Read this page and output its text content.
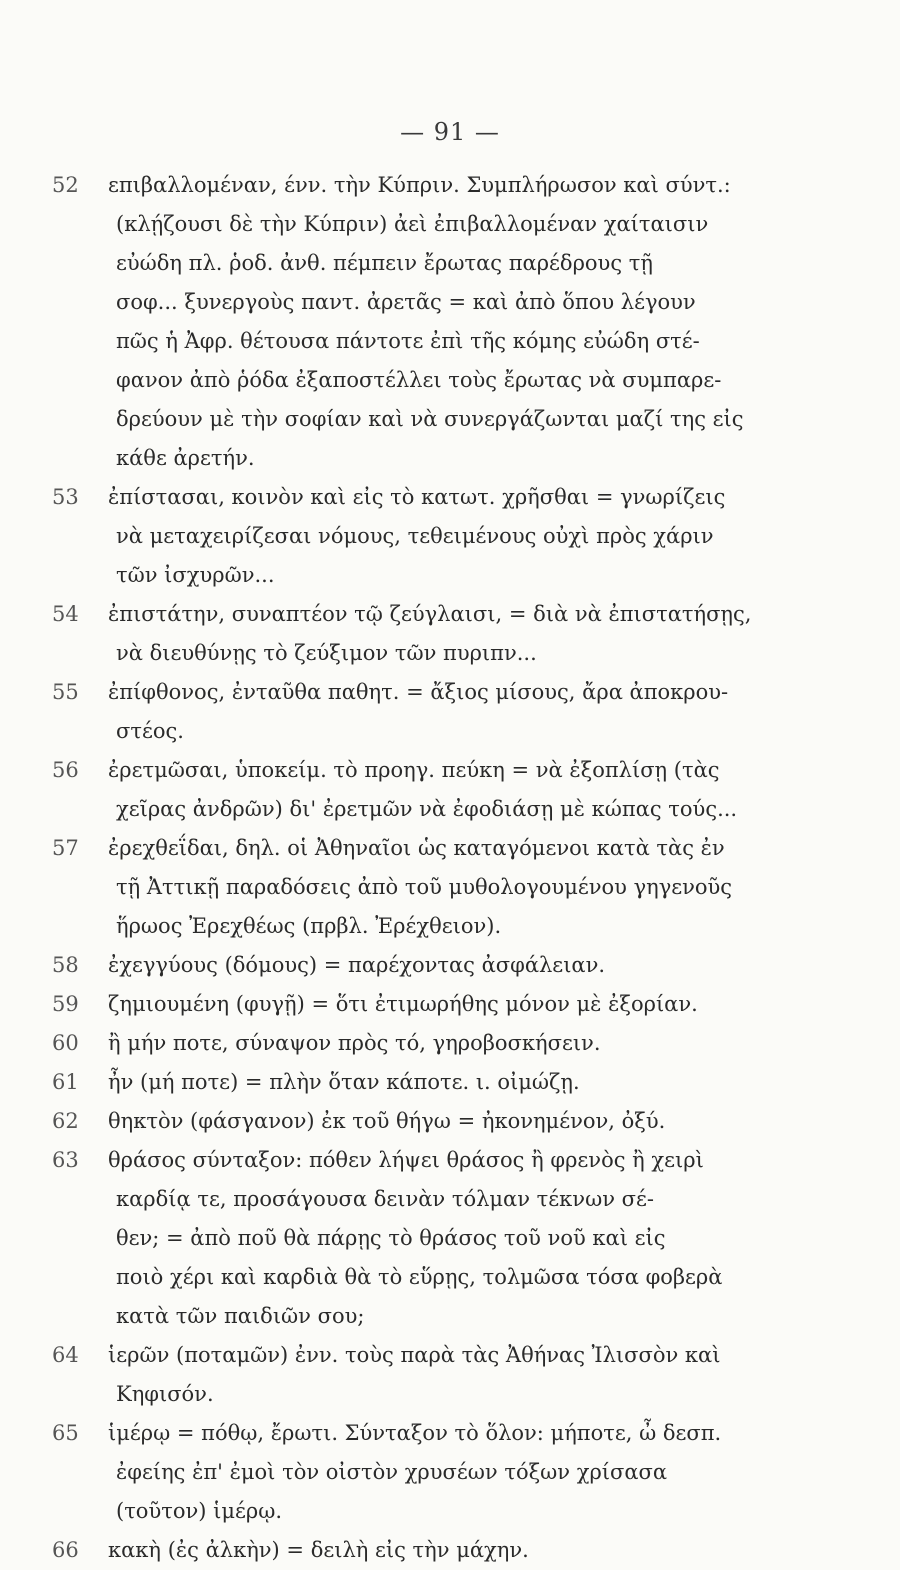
— 91 —
52	επιβαλλομέναν, ένν. τὴν Κύπριν. Συμπλήρωσον καὶ σύντ.:
(κλῄζουσι δὲ τὴν Κύπριν) ἀεὶ ἐπιβαλλομέναν χαίταισιν
εὐώδη πλ. ῥοδ. ἀνθ. πέμπειν ἔρωτας παρέδρους τῇ
σοφ... ξυνεργοὺς παντ. ἀρετᾶς = καὶ ἀπὸ ὅπου λέγουν
πῶς ἡ Ἀφρ. θέτουσα πάντοτε ἐπὶ τῆς κόμης εὐώδη στέ-
φανον ἀπὸ ῥόδα ἐξαποστέλλει τοὺς ἔρωτας νὰ συμπαρε-
δρεύουν μὲ τὴν σοφίαν καὶ νὰ συνεργάζωνται μαζί της εἰς
κάθε ἀρετήν.
53	ἐπίστασαι, κοινὸν καὶ εἰς τὸ κατωτ. χρῆσθαι = γνωρίζεις
νὰ μεταχειρίζεσαι νόμους, τεθειμένους οὐχὶ πρὸς χάριν
τῶν ἰσχυρῶν...
54	ἐπιστάτην, συναπτέον τῷ ζεύγλαισι, = διὰ νὰ ἐπιστατήσῃς,
νὰ διευθύνῃς τὸ ζεύξιμον τῶν πυριπν...
55	ἐπίφθονος, ἐνταῦθα παθητ. = ἄξιος μίσους, ἄρα ἀποκρου-
στέος.
56	ἐρετμῶσαι, ὑποκείμ. τὸ προηγ. πεύκη = νὰ ἐξοπλίσῃ (τὰς
χεῖρας ἀνδρῶν) δι' ἐρετμῶν νὰ ἐφοδιάσῃ μὲ κώπας τούς...
57	ἐρεχθεΐδαι, δηλ. οἱ Ἀθηναῖοι ὡς καταγόμενοι κατὰ τὰς ἐν
τῇ Ἀττικῇ παραδόσεις ἀπὸ τοῦ μυθολογουμένου γηγενοῦς
ἥρωος Ἐρεχθέως (πρβλ. Ἐρέχθειον).
58	ἐχεγγύους (δόμους) = παρέχοντας ἀσφάλειαν.
59	ζημιουμένη (φυγῇ) = ὅτι ἐτιμωρήθης μόνον μὲ ἐξορίαν.
60	ἢ μήν ποτε, σύναψον πρὸς τό, γηροβοσκήσειν.
61	ἦν (μή ποτε) = πλὴν ὅταν κάποτε. ι. οἰμώζῃ.
62	θηκτὸν (φάσγανον) ἐκ τοῦ θήγω = ἠκονημένον, ὀξύ.
63	θράσος σύνταξον: πόθεν λήψει θράσος ἢ φρενὸς ἢ χειρὶ
καρδίᾳ τε, προσάγουσα δεινὰν τόλμαν τέκνων σέ-
θεν; = ἀπὸ ποῦ θὰ πάρῃς τὸ θράσος τοῦ νοῦ καὶ εἰς
ποιὸ χέρι καὶ καρδιὰ θὰ τὸ εὕρῃς, τολμῶσα τόσα φοβερὰ
κατὰ τῶν παιδιῶν σου;
64	ἱερῶν (ποταμῶν) ἐνν. τοὺς παρὰ τὰς Ἀθήνας Ἰλισσὸν καὶ
Κηφισόν.
65	ἱμέρῳ = πόθῳ, ἔρωτι. Σύνταξον τὸ ὅλον: μήποτε, ὦ δεσπ.
ἐφείης ἐπ' ἐμοὶ τὸν οἰστὸν χρυσέων τόξων χρίσασα
(τοῦτον) ἱμέρῳ.
66	κακὴ (ἐς ἀλκὴν) = δειλὴ εἰς τὴν μάχην.
